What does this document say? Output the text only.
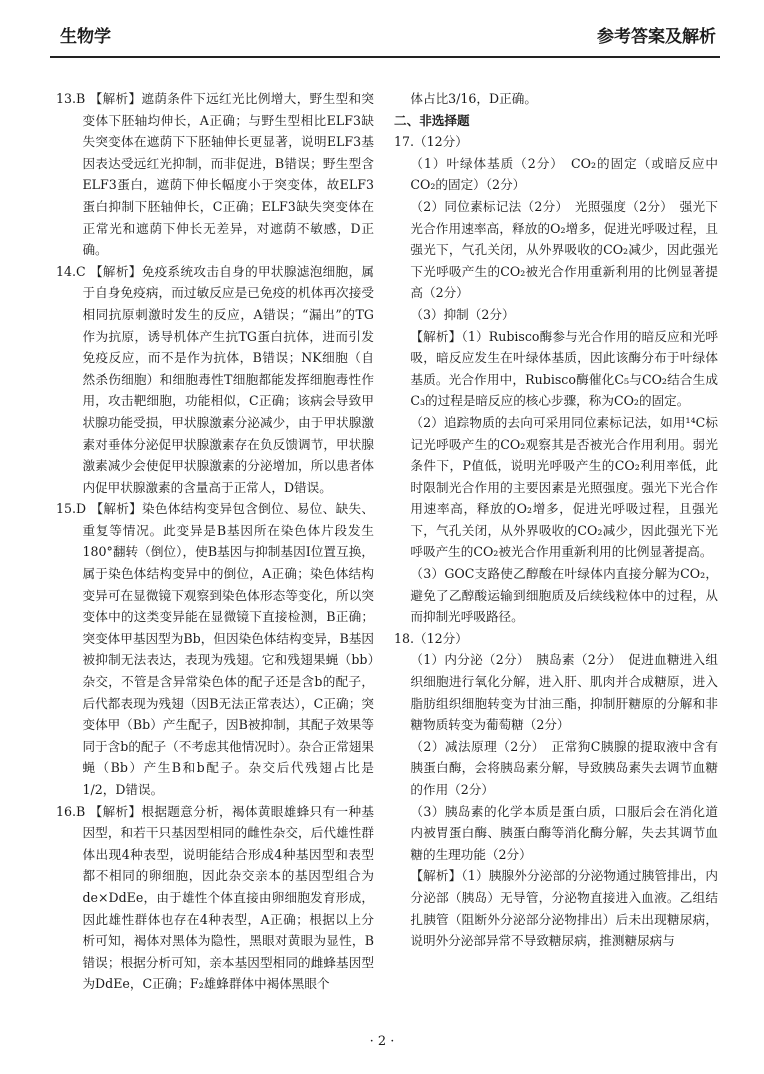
生物学	参考答案及解析

13.B 【解析】遮荫条件下远红光比例增大，野生型和突变体下胚轴均伸长，A正确；与野生型相比ELF3缺失突变体在遮荫下下胚轴伸长更显著，说明ELF3基因表达受远红光抑制，而非促进，B错误；野生型含ELF3蛋白，遮荫下伸长幅度小于突变体，故ELF3蛋白抑制下胚轴伸长，C正确；ELF3缺失突变体在正常光和遮荫下伸长无差异，对遮荫不敏感，D正确。

14.C 【解析】免疫系统攻击自身的甲状腺滤泡细胞，属于自身免疫病，而过敏反应是已免疫的机体再次接受相同抗原刺激时发生的反应，A错误；“漏出”的TG作为抗原，诱导机体产生抗TG蛋白抗体，进而引发免疫反应，而不是作为抗体，B错误；NK细胞（自然杀伤细胞）和细胞毒性T细胞都能发挥细胞毒性作用，攻击靶细胞，功能相似，C正确；该病会导致甲状腺功能受损，甲状腺激素分泌减少，由于甲状腺激素对垂体分泌促甲状腺激素存在负反馈调节，甲状腺激素减少会使促甲状腺激素的分泌增加，所以患者体内促甲状腺激素的含量高于正常人，D错误。

15.D 【解析】染色体结构变异包含倒位、易位、缺失、重复等情况。此变异是B基因所在染色体片段发生180°翻转（倒位），使B基因与抑制基因I位置互换，属于染色体结构变异中的倒位，A正确；染色体结构变异可在显微镜下观察到染色体形态等变化，所以突变体中的这类变异能在显微镜下直接检测，B正确；突变体甲基因型为Bb，但因染色体结构变异，B基因被抑制无法表达，表现为残翅。它和残翅果蝇（bb）杂交，不管是含异常染色体的配子还是含b的配子，后代都表现为残翅（因B无法正常表达），C正确；突变体甲（Bb）产生配子，因B被抑制，其配子效果等同于含b的配子（不考虑其他情况时）。杂合正常翅果蝇（Bb）产生B和b配子。杂交后代残翅占比是1/2，D错误。

16.B 【解析】根据题意分析，褐体黄眼雄蜂只有一种基因型，和若干只基因型相同的雌性杂交，后代雄性群体出现4种表型，说明能结合形成4种基因型和表型都不相同的卵细胞，因此杂交亲本的基因型组合为de×DdEe，由于雄性个体直接由卵细胞发育形成，因此雄性群体也存在4种表型，A正确；根据以上分析可知，褐体对黑体为隐性，黑眼对黄眼为显性，B错误；根据分析可知，亲本基因型相同的雌蜂基因型为DdEe，C正确；F₂雄蜂群体中褐体黑眼个

体占比3/16，D正确。

二、非选择题

17.（12分）

（1）叶绿体基质（2分）　CO₂的固定（或暗反应中CO₂的固定）（2分）

（2）同位素标记法（2分）　光照强度（2分）　强光下光合作用速率高，释放的O₂增多，促进光呼吸过程，且强光下，气孔关闭，从外界吸收的CO₂减少，因此强光下光呼吸产生的CO₂被光合作用重新利用的比例显著提高（2分）

（3）抑制（2分）

【解析】（1）Rubisco酶参与光合作用的暗反应和光呼吸，暗反应发生在叶绿体基质，因此该酶分布于叶绿体基质。光合作用中，Rubisco酶催化C₅与CO₂结合生成C₃的过程是暗反应的核心步骤，称为CO₂的固定。

（2）追踪物质的去向可采用同位素标记法，如用¹⁴C标记光呼吸产生的CO₂观察其是否被光合作用利用。弱光条件下，P值低，说明光呼吸产生的CO₂利用率低，此时限制光合作用的主要因素是光照强度。强光下光合作用速率高，释放的O₂增多，促进光呼吸过程，且强光下，气孔关闭，从外界吸收的CO₂减少，因此强光下光呼吸产生的CO₂被光合作用重新利用的比例显著提高。

（3）GOC支路使乙醇酸在叶绿体内直接分解为CO₂，避免了乙醇酸运输到细胞质及后续线粒体中的过程，从而抑制光呼吸路径。

18.（12分）

（1）内分泌（2分）　胰岛素（2分）　促进血糖进入组织细胞进行氧化分解，进入肝、肌肉并合成糖原，进入脂肪组织细胞转变为甘油三酯，抑制肝糖原的分解和非糖物质转变为葡萄糖（2分）

（2）减法原理（2分）　正常狗C胰腺的提取液中含有胰蛋白酶，会将胰岛素分解，导致胰岛素失去调节血糖的作用（2分）

（3）胰岛素的化学本质是蛋白质，口服后会在消化道内被胃蛋白酶、胰蛋白酶等消化酶分解，失去其调节血糖的生理功能（2分）

【解析】（1）胰腺外分泌部的分泌物通过胰管排出，内分泌部（胰岛）无导管，分泌物直接进入血液。乙组结扎胰管（阻断外分泌部分泌物排出）后未出现糖尿病，说明外分泌部异常不导致糖尿病，推测糖尿病与

· 2 ·
